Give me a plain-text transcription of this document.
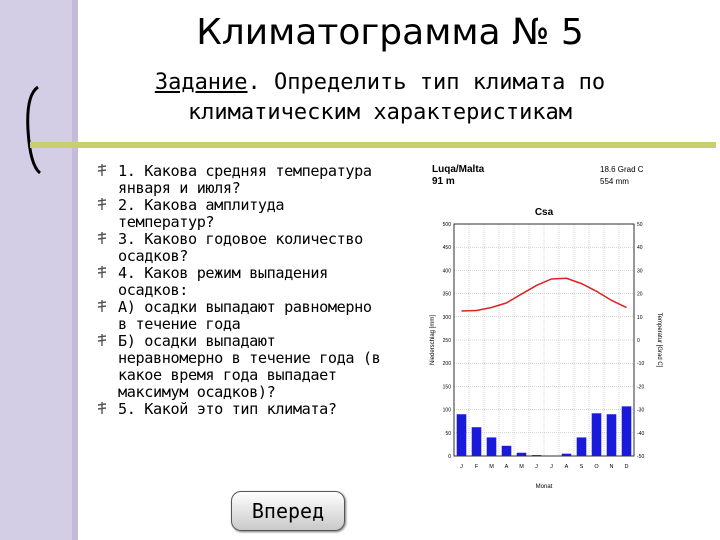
Климатограмма № 5
Задание. Определить тип климата по климатическим характеристикам
1. Какова средняя температура января и июля?
2. Какова амплитуда температур?
3. Каково годовое количество осадков?
4. Каков режим выпадения осадков:
А) осадки выпадают равномерно в течение года
Б) осадки выпадают неравномерно в течение года (в какое время года выпадает максимум осадков)?
5. Какой это тип климата?
Вперед
Luqa/Malta
91 m
18.6 Grad C
554 mm
Csa
0
50
100
150
200
250
300
350
400
450
500	50
40
30
20
10
0
-10
-20
-30
-40
-50
J F M A M J J A S O N D
Monat
Niederschlag [mm]	Temperatur [Grad C]
